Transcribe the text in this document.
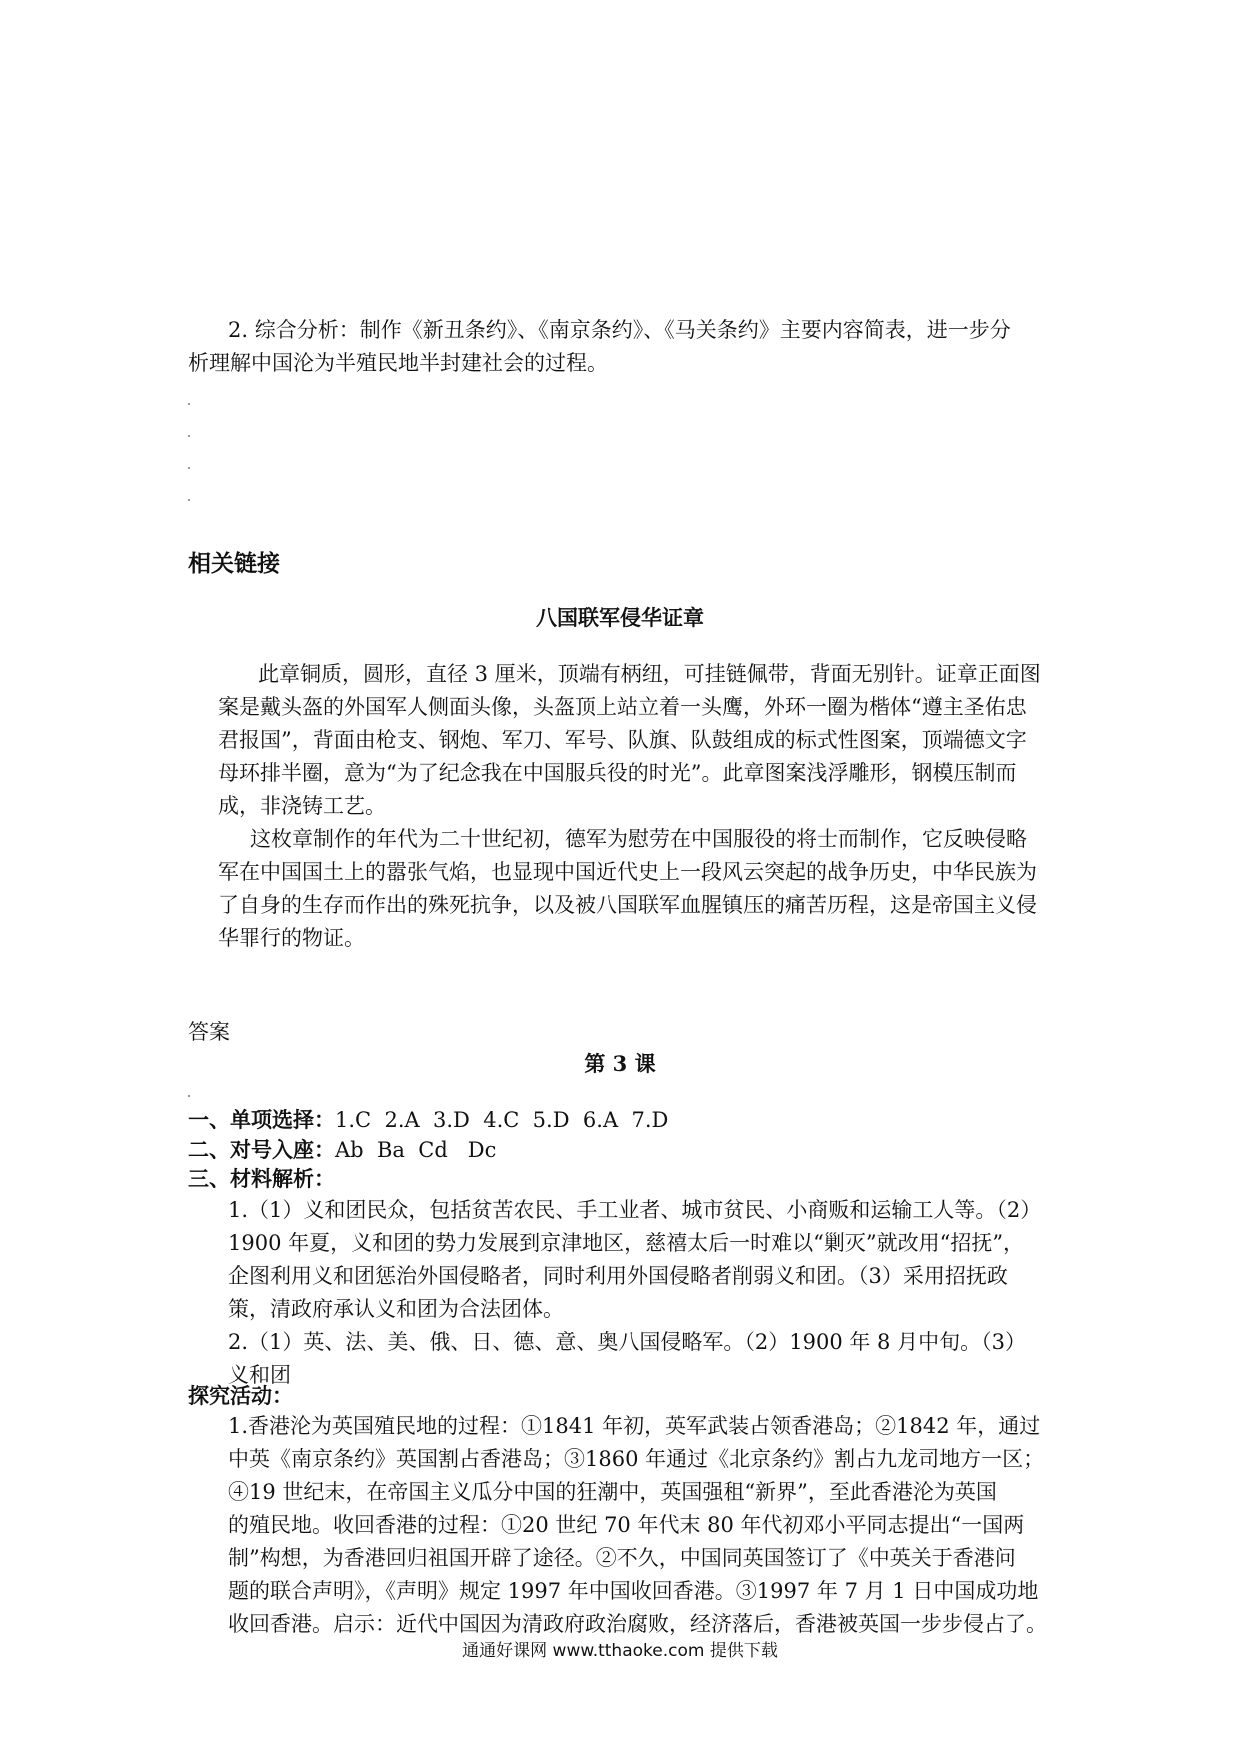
2. 综合分析：制作《新丑条约》、《南京条约》、《马关条约》主要内容简表，进一步分
析理解中国沦为半殖民地半封建社会的过程。
相关链接
八国联军侵华证章
此章铜质，圆形，直径 3 厘米，顶端有柄纽，可挂链佩带，背面无别针。证章正面图
案是戴头盔的外国军人侧面头像，头盔顶上站立着一头鹰，外环一圈为楷体“遵主圣佑忠
君报国”，背面由枪支、钢炮、军刀、军号、队旗、队鼓组成的标式性图案，顶端德文字
母环排半圈，意为“为了纪念我在中国服兵役的时光”。此章图案浅浮雕形，钢模压制而
成，非浇铸工艺。
这枚章制作的年代为二十世纪初，德军为慰劳在中国服役的将士而制作，它反映侵略
军在中国国土上的嚣张气焰，也显现中国近代史上一段风云突起的战争历史，中华民族为
了自身的生存而作出的殊死抗争，以及被八国联军血腥镇压的痛苦历程，这是帝国主义侵
华罪行的物证。
答案
第 3 课
一、单项选择：1.C  2.A  3.D  4.C  5.D  6.A  7.D
二、对号入座：Ab  Ba  Cd   Dc
三、材料解析：
1.（1）义和团民众，包括贫苦农民、手工业者、城市贫民、小商贩和运输工人等。（2）
1900 年夏，义和团的势力发展到京津地区，慈禧太后一时难以“剿灭”就改用“招抚”，
企图利用义和团惩治外国侵略者，同时利用外国侵略者削弱义和团。（3）采用招抚政
策，清政府承认义和团为合法团体。
2.（1）英、法、美、俄、日、德、意、奥八国侵略军。（2）1900 年 8 月中旬。（3）
义和团
探究活动：
1.香港沦为英国殖民地的过程：①1841 年初，英军武装占领香港岛；②1842 年，通过
中英《南京条约》英国割占香港岛；③1860 年通过《北京条约》割占九龙司地方一区；
④19 世纪末，在帝国主义瓜分中国的狂潮中，英国强租“新界”，至此香港沦为英国
的殖民地。收回香港的过程：①20 世纪 70 年代末 80 年代初邓小平同志提出“一国两
制”构想，为香港回归祖国开辟了途径。②不久，中国同英国签订了《中英关于香港问
题的联合声明》，《声明》规定 1997 年中国收回香港。③1997 年 7 月 1 日中国成功地
收回香港。启示：近代中国因为清政府政治腐败，经济落后，香港被英国一步步侵占了。
通通好课网 www.tthaoke.com 提供下载
